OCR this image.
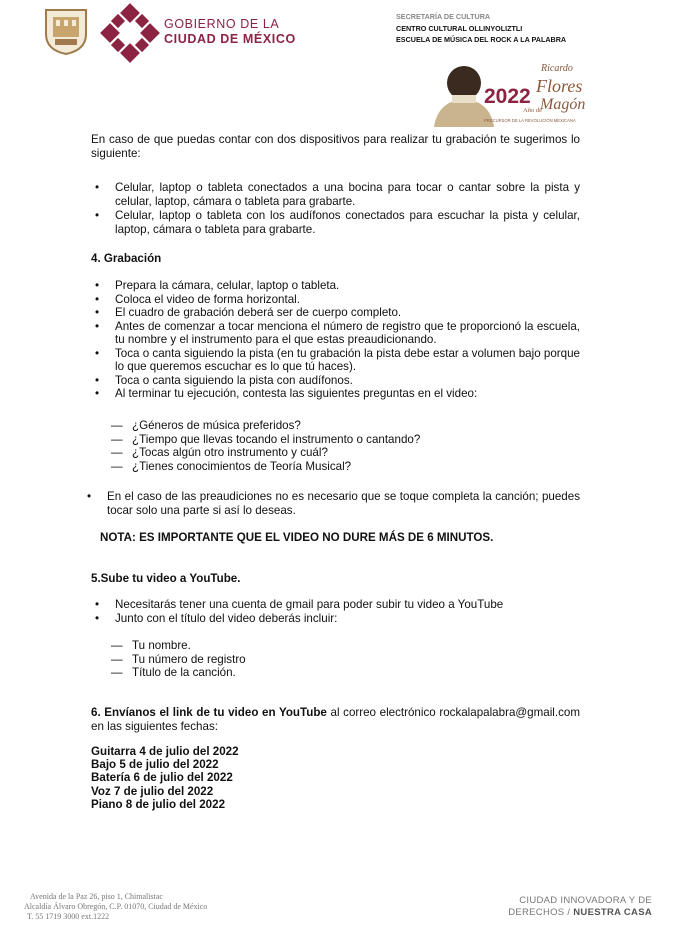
GOBIERNO DE LA
CIUDAD DE MÉXICO
SECRETARÍA DE CULTURA
CENTRO CULTURAL OLLINYOLIZTLI
ESCUELA DE MÚSICA DEL ROCK A LA PALABRA
Ricardo
2022
Año de
Flores
Magón
PRECURSOR DE LA REVOLUCIÓN MEXICANA
En caso de que puedas contar con dos dispositivos para realizar tu grabación te sugerimos lo siguiente:
• Celular, laptop o tableta conectados a una bocina para tocar o cantar sobre la pista y celular, laptop, cámara o tableta para grabarte.
• Celular, laptop o tableta con los audífonos conectados para escuchar la pista y celular, laptop, cámara o tableta para grabarte.
4. Grabación
• Prepara la cámara, celular, laptop o tableta.
• Coloca el video de forma horizontal.
• El cuadro de grabación deberá ser de cuerpo completo.
• Antes de comenzar a tocar menciona el número de registro que te proporcionó la escuela, tu nombre y el instrumento para el que estas preaudicionando.
• Toca o canta siguiendo la pista (en tu grabación la pista debe estar a volumen bajo porque lo que queremos escuchar es lo que tú haces).
• Toca o canta siguiendo la pista con audífonos.
• Al terminar tu ejecución, contesta las siguientes preguntas en el video:
— ¿Géneros de música preferidos?
— ¿Tiempo que llevas tocando el instrumento o cantando?
— ¿Tocas algún otro instrumento y cuál?
— ¿Tienes conocimientos de Teoría Musical?
• En el caso de las preaudiciones no es necesario que se toque completa la canción; puedes tocar solo una parte si así lo deseas.
NOTA: ES IMPORTANTE QUE EL VIDEO NO DURE MÁS DE 6 MINUTOS.
5.Sube tu video a YouTube.
• Necesitarás tener una cuenta de gmail para poder subir tu video a YouTube
• Junto con el título del video deberás incluir:
— Tu nombre.
— Tu número de registro
— Título de la canción.
6. Envíanos el link de tu video en YouTube al correo electrónico rockalapalabra@gmail.com en las siguientes fechas:
Guitarra 4 de julio del 2022
Bajo 5 de julio del 2022
Batería 6 de julio del 2022
Voz 7 de julio del 2022
Piano 8 de julio del 2022
Avenida de la Paz 26, piso 1, Chimalistac
Alcaldía Álvaro Obregón, C.P. 01070, Ciudad de México
T. 55 1719 3000 ext.1222
CIUDAD INNOVADORA Y DE
DERECHOS / NUESTRA CASA
